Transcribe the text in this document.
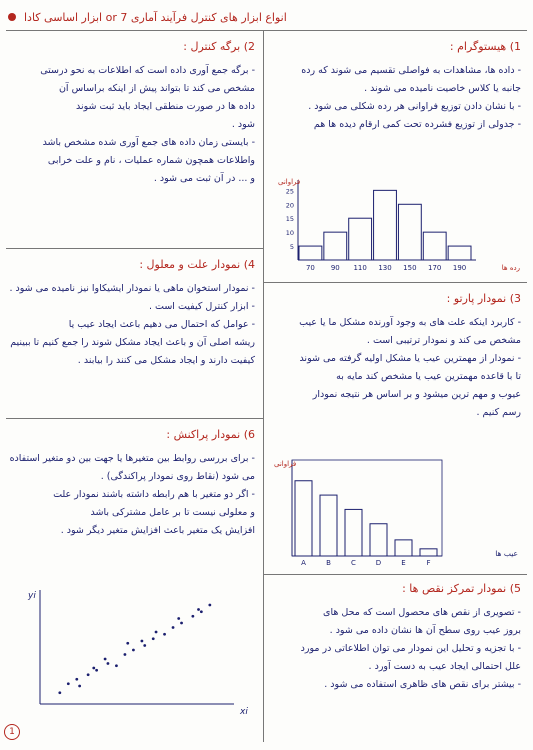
انواع ابزار های کنترل فرآیند آماری 7 or ابزار اساسی کادا
1) هیستوگرام :

- داده ها، مشاهدات به فواصلی تقسیم می شوند که رده

جانبه یا کلاس خاصیت نامیده می شوند .

- با نشان دادن توزیع فراوانی هر رده شکلی می شود .

- جدولی از توزیع فشرده تحت کمی ارقام دیده ها هم

5
10
15
20
25
70 90 110 130 150 170 190
فراوانی
رده ها
2) برگه کنترل :

- برگه جمع آوری داده است که اطلاعات به نحو درستی

مشخص می کند تا بتواند پیش از اینکه براساس آن

داده ها در صورت منطقی ایجاد باید ثبت شوند

شود .

- بایستی زمان داده های جمع آوری شده مشخص باشد

واطلاعات همچون شماره عملیات ، نام و علت خرابی

و ... در آن ثبت می شود .

3) نمودار پارتو :

- کاربرد اینکه علت های به وجود آورنده مشکل ما یا عیب

مشخص می کند و نمودار ترتیبی است .

- نمودار از مهمترین عیب یا مشکل اولیه گرفته می شوند

تا با قاعده مهمترین عیب یا مشخص کند مایه به

عیوب و مهم ترین میشود و بر اساس هر نتیجه نمودار

رسم کنیم .

A	B	C	D	E	F
فراوانی
عیب ها
4) نمودار علت و معلول :

- نمودار استخوان ماهی یا نمودار ایشیکاوا نیز نامیده می شود .

- ابزار کنترل کیفیت است .

- عوامل که احتمال می دهیم باعث ایجاد عیب یا

ریشه اصلی آن و باعث ایجاد مشکل شوند را جمع کنیم تا ببینیم

کیفیت دارند و ایجاد مشکل می کنند را بیابند .

5) نمودار تمرکز نقص ها :

- تصویری از نقص های محصول است که محل های

بروز عیب روی سطح آن ها نشان داده می شود .

- با تجزیه و تحلیل این نمودار می توان اطلاعاتی در مورد

علل احتمالی ایجاد عیب به دست آورد .

- بیشتر برای نقص های ظاهری استفاده می شود .

6) نمودار پراکنش :

- برای بررسی روابط بین متغیرها یا جهت بین دو متغیر استفاده

می شود (نقاط روی نمودار پراکندگی) .

- اگر دو متغیر با هم رابطه داشته باشند نمودار علت

و معلولی نیست تا بر عامل مشترکی باشد

افزایش یک متغیر باعث افزایش متغیر دیگر شود .

yi
xi
1
